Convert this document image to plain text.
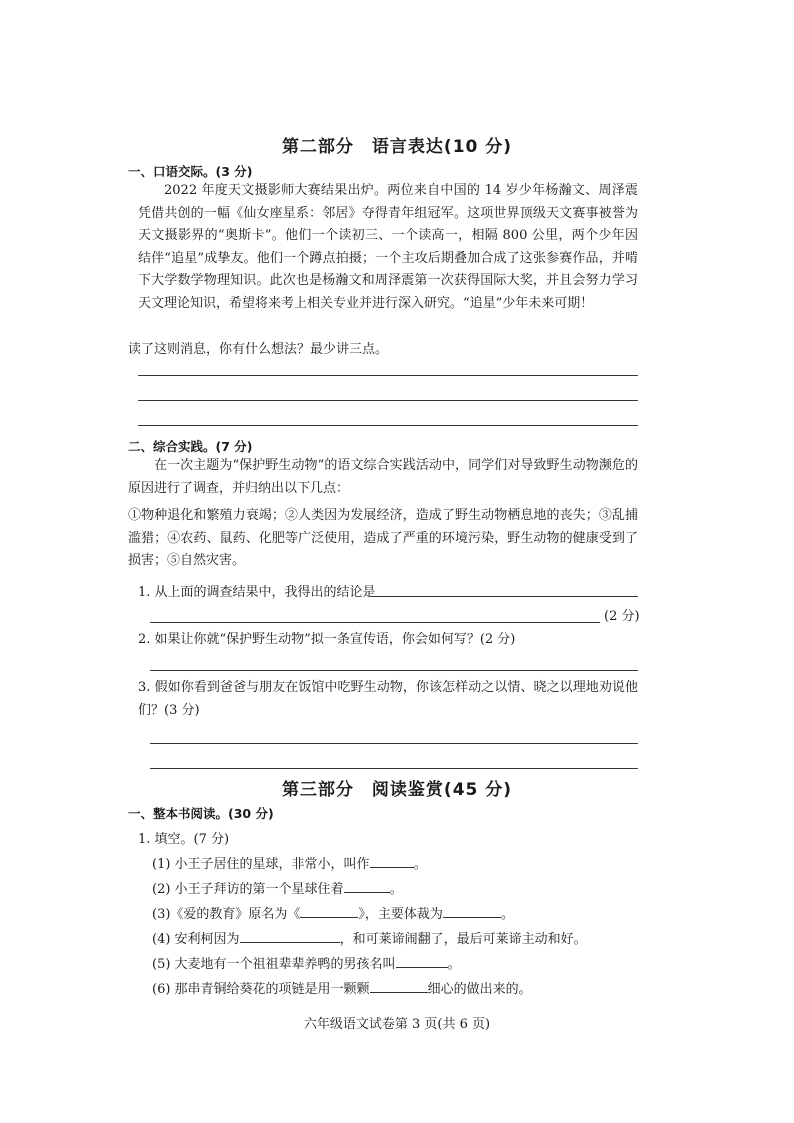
第二部分　语言表达(10 分)
一、口语交际。(3 分)

2022 年度天文摄影师大赛结果出炉。两位来自中国的 14 岁少年杨瀚文、周泽震凭借共创的一幅《仙女座星系：邻居》夺得青年组冠军。这项世界顶级天文赛事被誉为天文摄影界的“奥斯卡”。他们一个读初三、一个读高一，相隔 800 公里，两个少年因结伴“追星”成挚友。他们一个蹲点拍摄；一个主攻后期叠加合成了这张参赛作品，并啃下大学数学物理知识。此次也是杨瀚文和周泽震第一次获得国际大奖，并且会努力学习天文理论知识，希望将来考上相关专业并进行深入研究。“追星”少年未来可期！

读了这则消息，你有什么想法？最少讲三点。

二、综合实践。(7 分)

在一次主题为“保护野生动物”的语文综合实践活动中，同学们对导致野生动物濒危的原因进行了调查，并归纳出以下几点：

①物种退化和繁殖力衰竭；②人类因为发展经济，造成了野生动物栖息地的丧失；③乱捕滥猎；④农药、鼠药、化肥等广泛使用，造成了严重的环境污染，野生动物的健康受到了损害；⑤自然灾害。

1. 从上面的调查结果中，我得出的结论是

(2 分)

2. 如果让你就“保护野生动物”拟一条宣传语，你会如何写？(2 分)

3. 假如你看到爸爸与朋友在饭馆中吃野生动物，你该怎样动之以情、晓之以理地劝说他们？(3 分)

第三部分　阅读鉴赏(45 分)
一、整本书阅读。(30 分)

1. 填空。(7 分)

(1) 小王子居住的星球，非常小，叫作	。

(2) 小王子拜访的第一个星球住着	。

(3)《爱的教育》原名为《	》，主要体裁为	。

(4) 安利柯因为	，和可莱谛闹翻了，最后可莱谛主动和好。

(5) 大麦地有一个祖祖辈辈养鸭的男孩名叫	。

(6) 那串青铜给葵花的项链是用一颗颗	细心的做出来的。

六年级语文试卷第 3 页(共 6 页)
